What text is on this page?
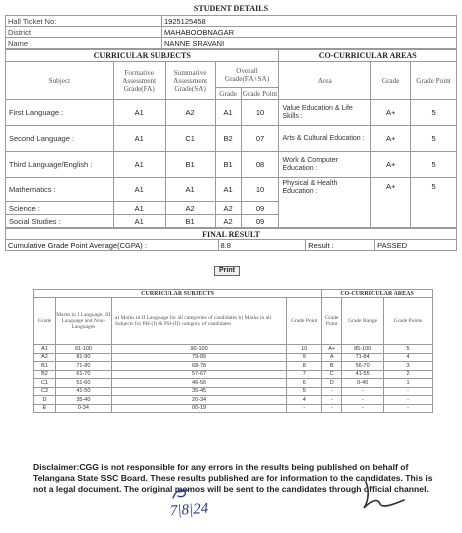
STUDENT DETAILS
Hall Ticket No:	1925125458
District	MAHABOOBNAGAR
Name	NANNE SRAVANI
CURRICULAR SUBJECTS					CO-CURRICULAR AREAS		
Subject	Formative Assessment Grade(FA)	Summative Assessment Grade(SA)	Overall Grade(FA+SA)		Area	Grade	Grade Point
			Grade	Grade Point			
First Language :	A1	A2	A1	10	Value Education & Life Skills :	A+	5
Second Language :	A1	C1	B2	07	Arts & Cultural Education :	A+	5
Third Language/English :	A1	B1	B1	08	Work & Computer Education :	A+	5
Mathematics :	A1	A1	A1	10	Physical & Health Education :	A+	5
Science :	A1	A2	A2	09			
Social Studies :	A1	B1	A2	09			
FINAL RESULT
Cumulative Grade Point Average(CGPA) :	8.8	Result :	PASSED
Print
CURRICULAR SUBJECTS				CO-CURRICULAR AREAS		
Grade	Marks in I Language, III Language and Non-Languages	a) Marks in II Language for all categories of candidates b) Marks in all Subjects for PH-(I) & PH-(II) category of candidates	Grade Point	Grade Point	Grade Range	Grade Points
A1	91-100	90-100	10	A+	85-100	5
A2	81-90	79-89	9	A	71-84	4
B1	71-80	68-78	8	B	56-70	3
B2	61-70	57-67	7	C	41-55	2
C1	51-60	46-56	6	D	0-40	1
C2	41-50	35-45	5	-	-	-
D	35-40	20-34	4	-	-	-
E	0-34	00-19	-	-	-	-
Disclaimer:CGG is not responsible for any errors in the results being published on behalf of Telangana State SSC Board. These results published are for information to the candidates. This is not a legal document. The original memos will be sent to the candidates through official channel.
7|8|24
